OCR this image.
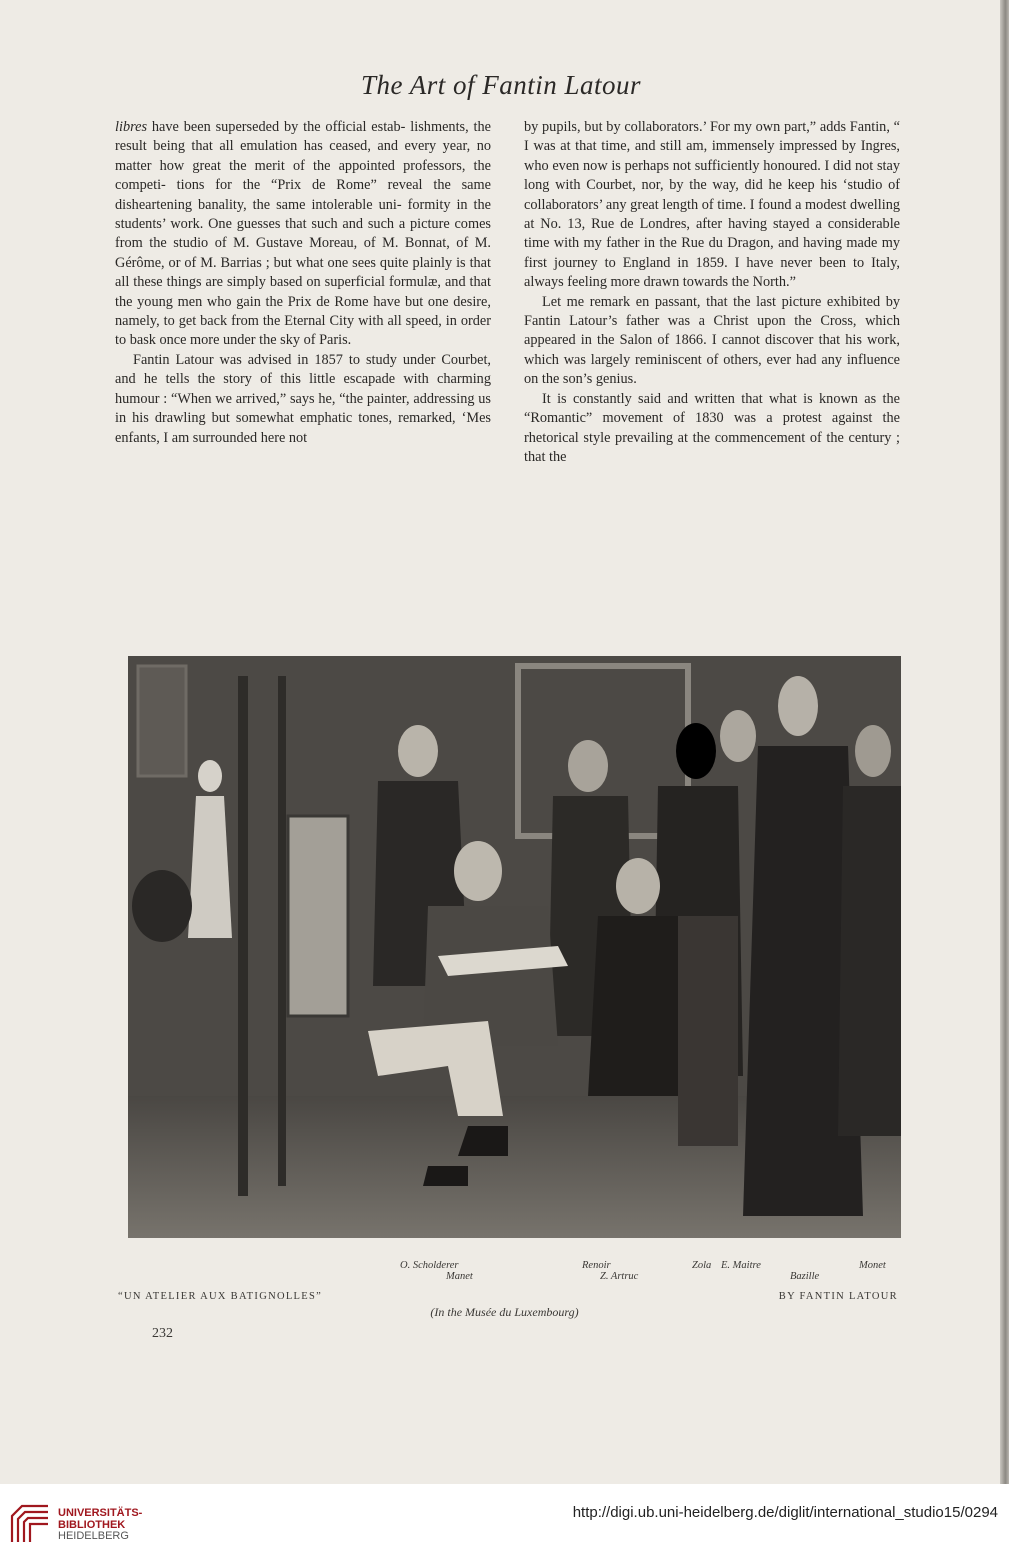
The Art of Fantin Latour

libres have been superseded by the official estab- lishments, the result being that all emulation has ceased, and every year, no matter how great the merit of the appointed professors, the competi- tions for the “Prix de Rome” reveal the same disheartening banality, the same intolerable uni- formity in the students’ work. One guesses that such and such a picture comes from the studio of M. Gustave Moreau, of M. Bonnat, of M. Gérôme, or of M. Barrias ; but what one sees quite plainly is that all these things are simply based on superficial formulæ, and that the young men who gain the Prix de Rome have but one desire, namely, to get back from the Eternal City with all speed, in order to bask once more under the sky of Paris.

Fantin Latour was advised in 1857 to study under Courbet, and he tells the story of this little escapade with charming humour : “When we arrived,” says he, “the painter, addressing us in his drawling but somewhat emphatic tones, remarked, ‘Mes enfants, I am surrounded here not

by pupils, but by collaborators.’ For my own part,” adds Fantin, “ I was at that time, and still am, immensely impressed by Ingres, who even now is perhaps not sufficiently honoured. I did not stay long with Courbet, nor, by the way, did he keep his ‘studio of collaborators’ any great length of time. I found a modest dwelling at No. 13, Rue de Londres, after having stayed a considerable time with my father in the Rue du Dragon, and having made my first journey to England in 1859. I have never been to Italy, always feeling more drawn towards the North.”

Let me remark en passant, that the last picture exhibited by Fantin Latour’s father was a Christ upon the Cross, which appeared in the Salon of 1866. I cannot discover that his work, which was largely reminiscent of others, ever had any influence on the son’s genius.

It is constantly said and written that what is known as the “Romantic” movement of 1830 was a protest against the rhetorical style prevailing at the commencement of the century ; that the

O. Scholderer	Renoir	Zola E. Maitre	Monet
Manet	Z. Artruc	Bazille
“UN ATELIER AUX BATIGNOLLES”	BY FANTIN LATOUR
(In the Musée du Luxembourg)
232
UNIVERSITÄTS-
BIBLIOTHEK
HEIDELBERG
http://digi.ub.uni-heidelberg.de/diglit/international_studio15/0294
